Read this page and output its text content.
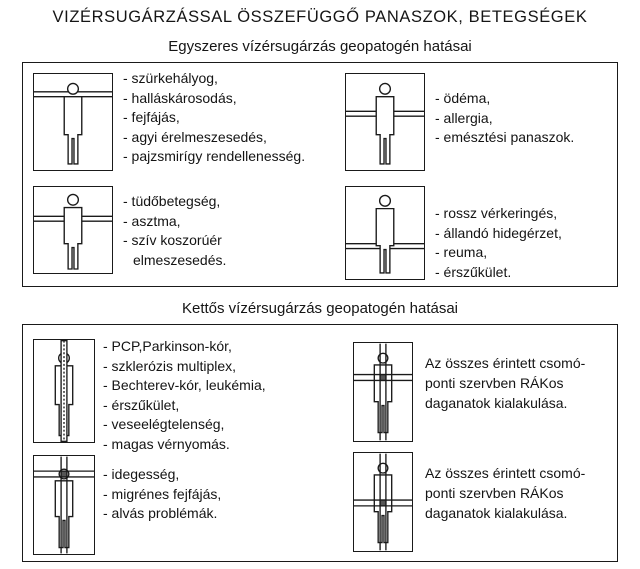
VIZÉRSUGÁRZÁSSAL ÖSSZEFÜGGŐ PANASZOK, BETEGSÉGEK
Egyszeres vízérsugárzás geopatogén hatásai
- szürkehályog,
- halláskárosodás,
- fejfájás,
- agyi érelmeszesedés,
- pajzsmirígy rendellenesség.
- ödéma,
- allergia,
- emésztési panaszok.
- tüdőbetegség,
- asztma,
- szív koszorúér
elmeszesedés.
- rossz vérkeringés,
- állandó hidegérzet,
- reuma,
- érszűkület.
Kettős vízérsugárzás geopatogén hatásai
- PCP,Parkinson-kór,
- szklerózis multiplex,
- Bechterev-kór, leukémia,
- érszűkület,
- veseelégtelenség,
- magas vérnyomás.
Az összes érintett csomó-
ponti szervben RÁKos
daganatok kialakulása.
- idegesség,
- migrénes fejfájás,
- alvás problémák.
Az összes érintett csomó-
ponti szervben RÁKos
daganatok kialakulása.
